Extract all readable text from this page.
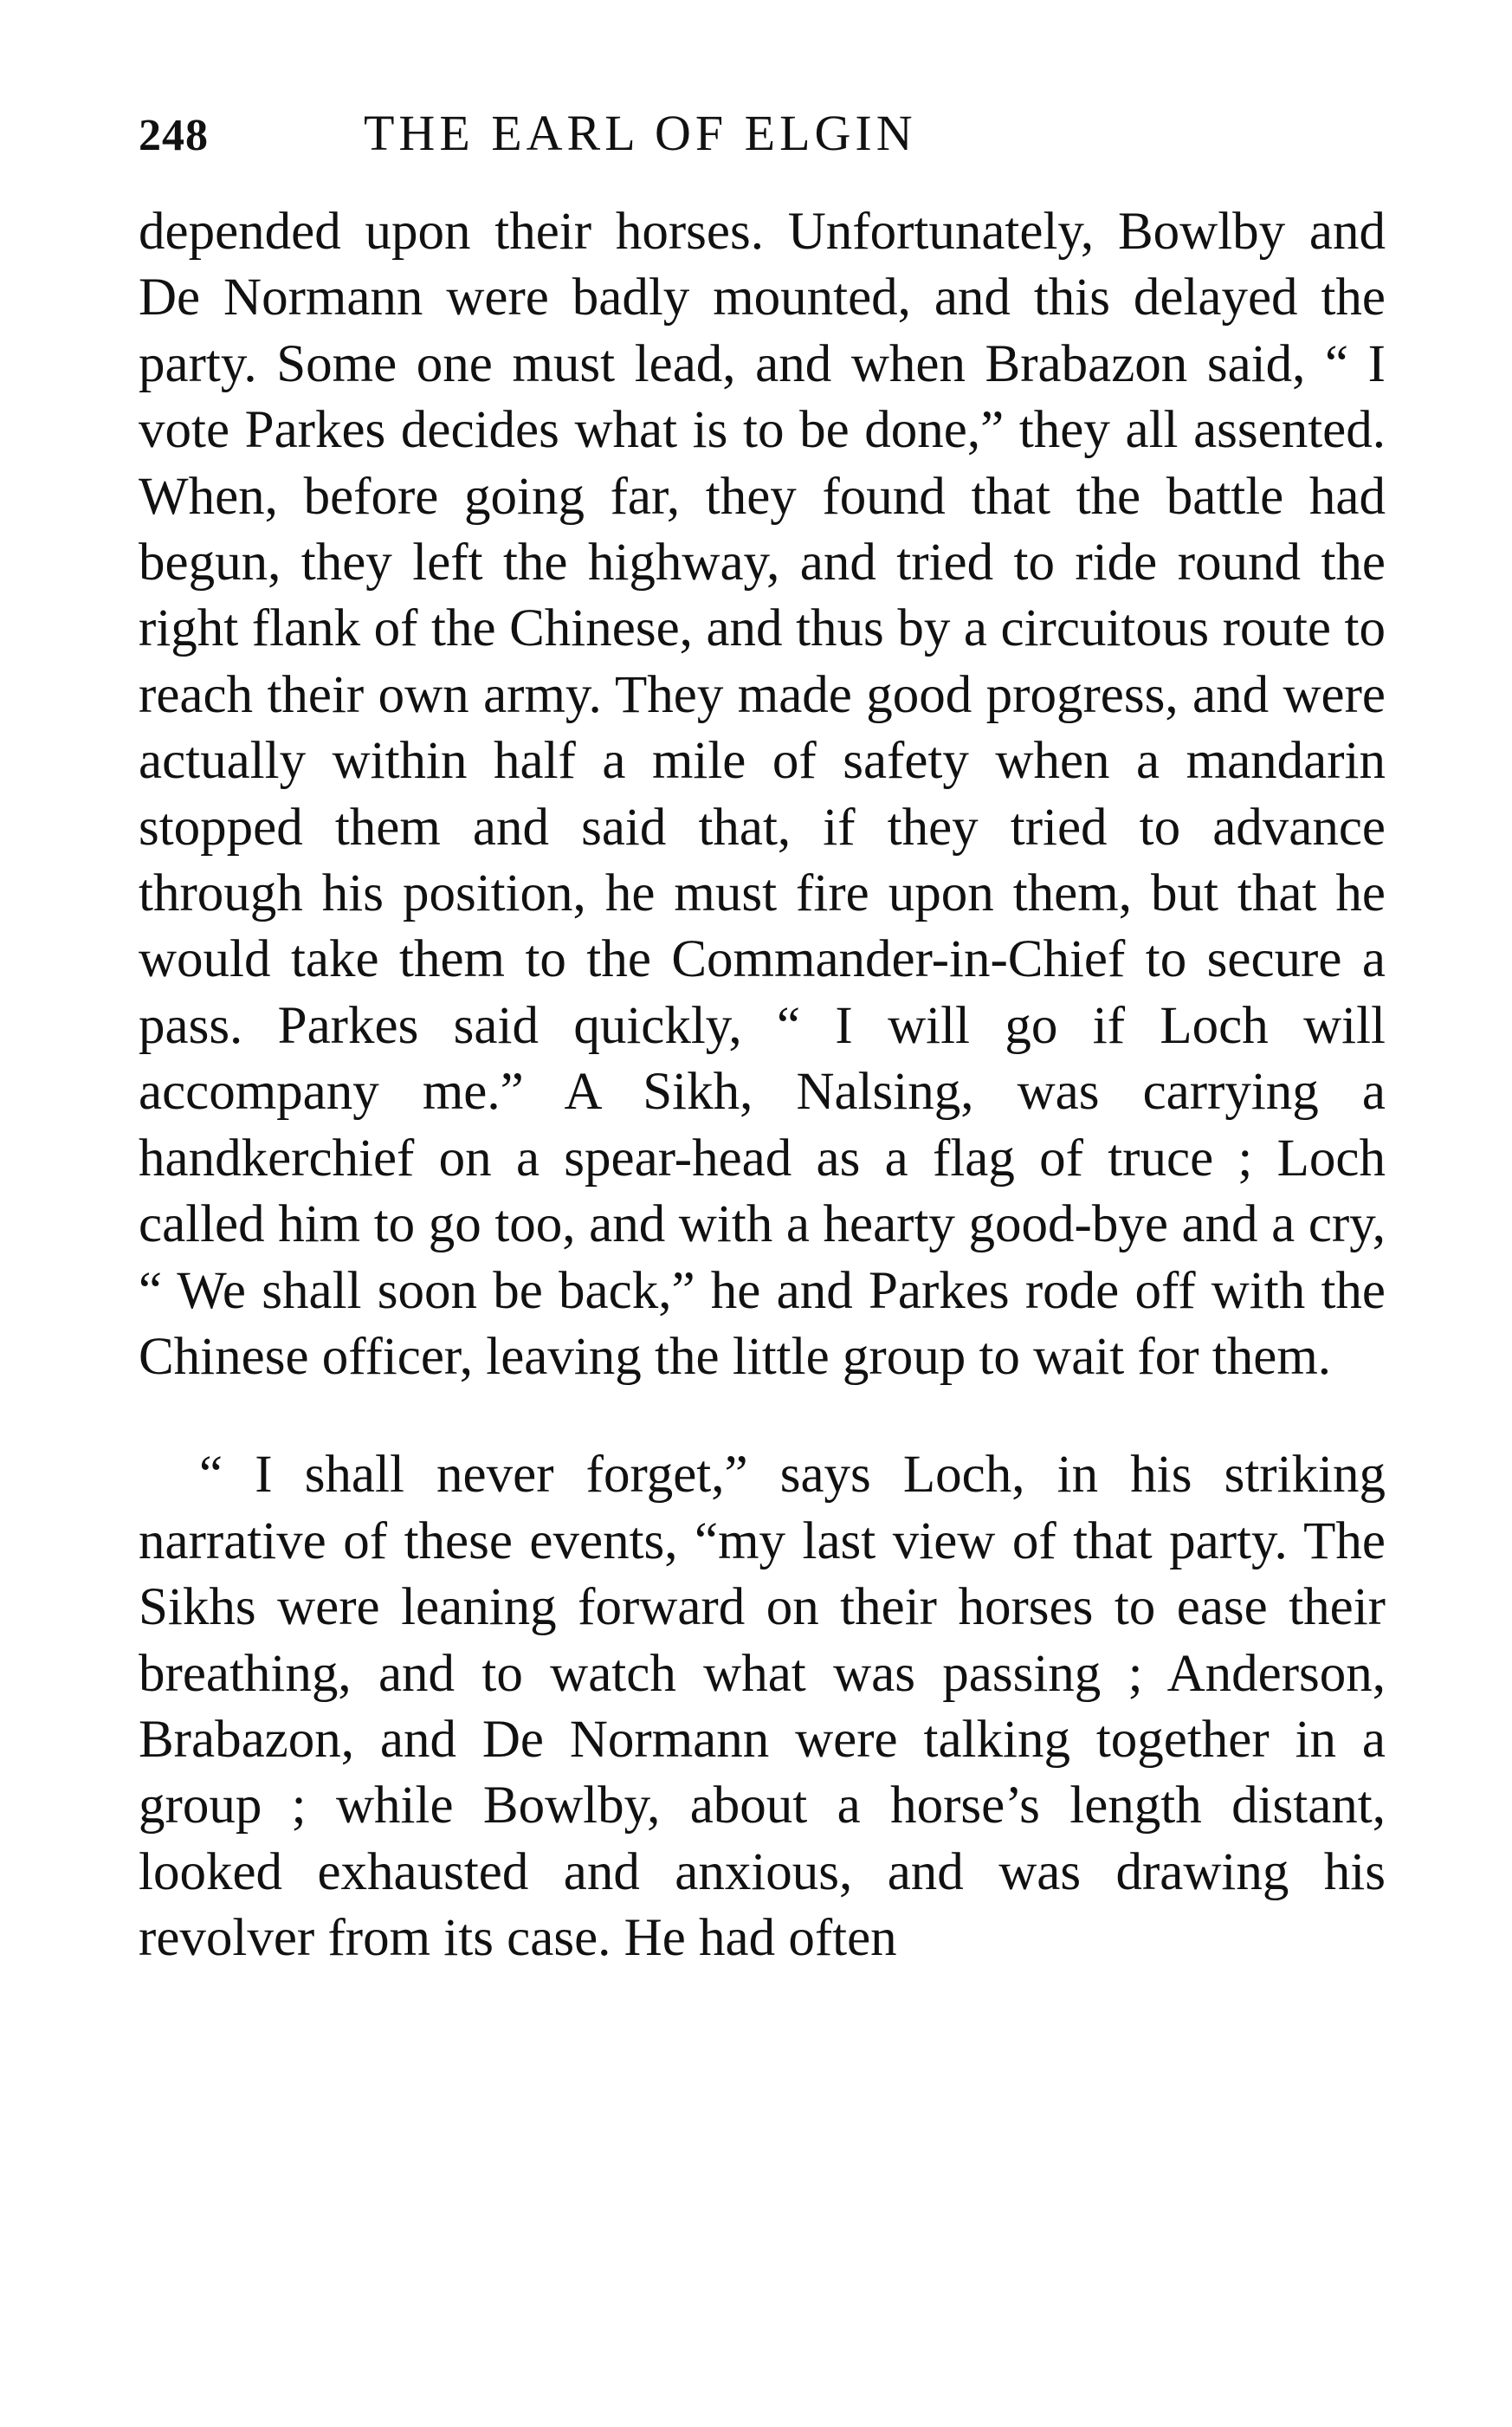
248	THE EARL OF ELGIN

depended upon their horses. Unfortunately, Bowlby and De Normann were badly mounted, and this delayed the party. Some one must lead, and when Brabazon said, “ I vote Parkes decides what is to be done,” they all assented. When, before going far, they found that the battle had begun, they left the highway, and tried to ride round the right flank of the Chinese, and thus by a circuitous route to reach their own army. They made good progress, and were actually within half a mile of safety when a mandarin stopped them and said that, if they tried to advance through his position, he must fire upon them, but that he would take them to the Commander-in-Chief to secure a pass. Parkes said quickly, “ I will go if Loch will accompany me.” A Sikh, Nalsing, was carrying a handkerchief on a spear-head as a flag of truce ; Loch called him to go too, and with a hearty good-bye and a cry, “ We shall soon be back,” he and Parkes rode off with the Chinese officer, leaving the little group to wait for them.

“ I shall never forget,” says Loch, in his striking narrative of these events, “my last view of that party. The Sikhs were leaning forward on their horses to ease their breathing, and to watch what was passing ; Anderson, Brabazon, and De Normann were talking together in a group ; while Bowlby, about a horse’s length distant, looked exhausted and anxious, and was drawing his revolver from its case. He had often
